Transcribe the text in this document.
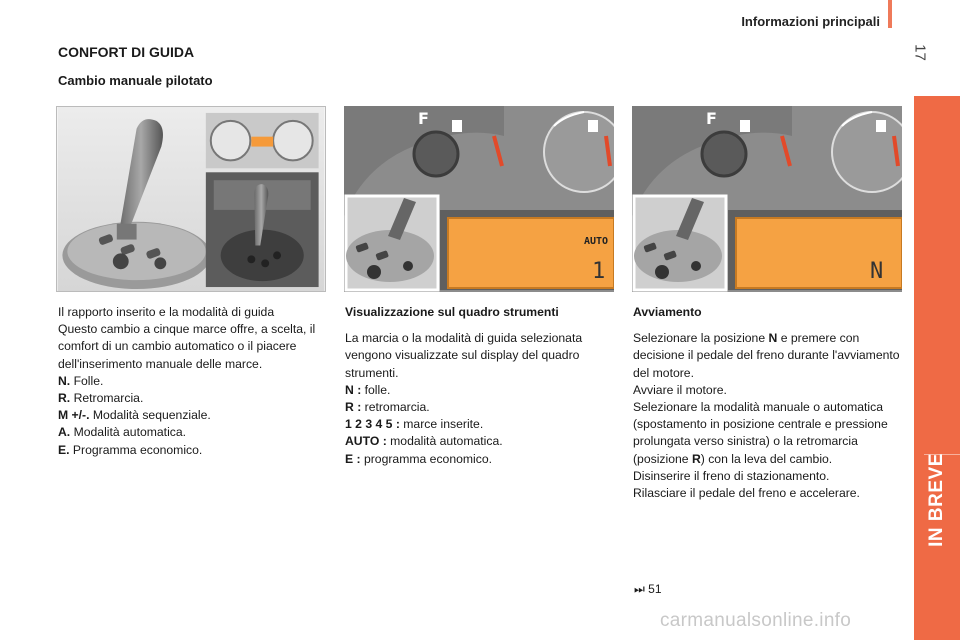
Informazioni principali
17
IN BREVE
CONFORT DI GUIDA
Cambio manuale pilotato
F
AUTO
1
F
N

Il rapporto inserito e la modalità di guida

Questo cambio a cinque marce offre, a scelta, il comfort di un cambio automatico o il piacere dell'inserimento manuale delle marce.

N. Folle.

R. Retromarcia.

M +/-. Modalità sequenziale.

A. Modalità automatica.

E. Programma economico.

Visualizzazione sul quadro strumenti

La marcia o la modalità di guida selezionata vengono visualizzate sul display del quadro strumenti.

N : folle.

R : retromarcia.

1 2 3 4 5 : marce inserite.

AUTO : modalità automatica.

E : programma economico.

Avviamento

Selezionare la posizione N e premere con decisione il pedale del freno durante l'avviamento del motore.

Avviare il motore.

Selezionare la modalità manuale o automatica (spostamento in posizione centrale e pressione prolungata verso sinistra) o la retromarcia (posizione R) con la leva del cambio.

Disinserire il freno di stazionamento.

Rilasciare il pedale del freno e accelerare.

⏭ 51
carmanualsonline.info
